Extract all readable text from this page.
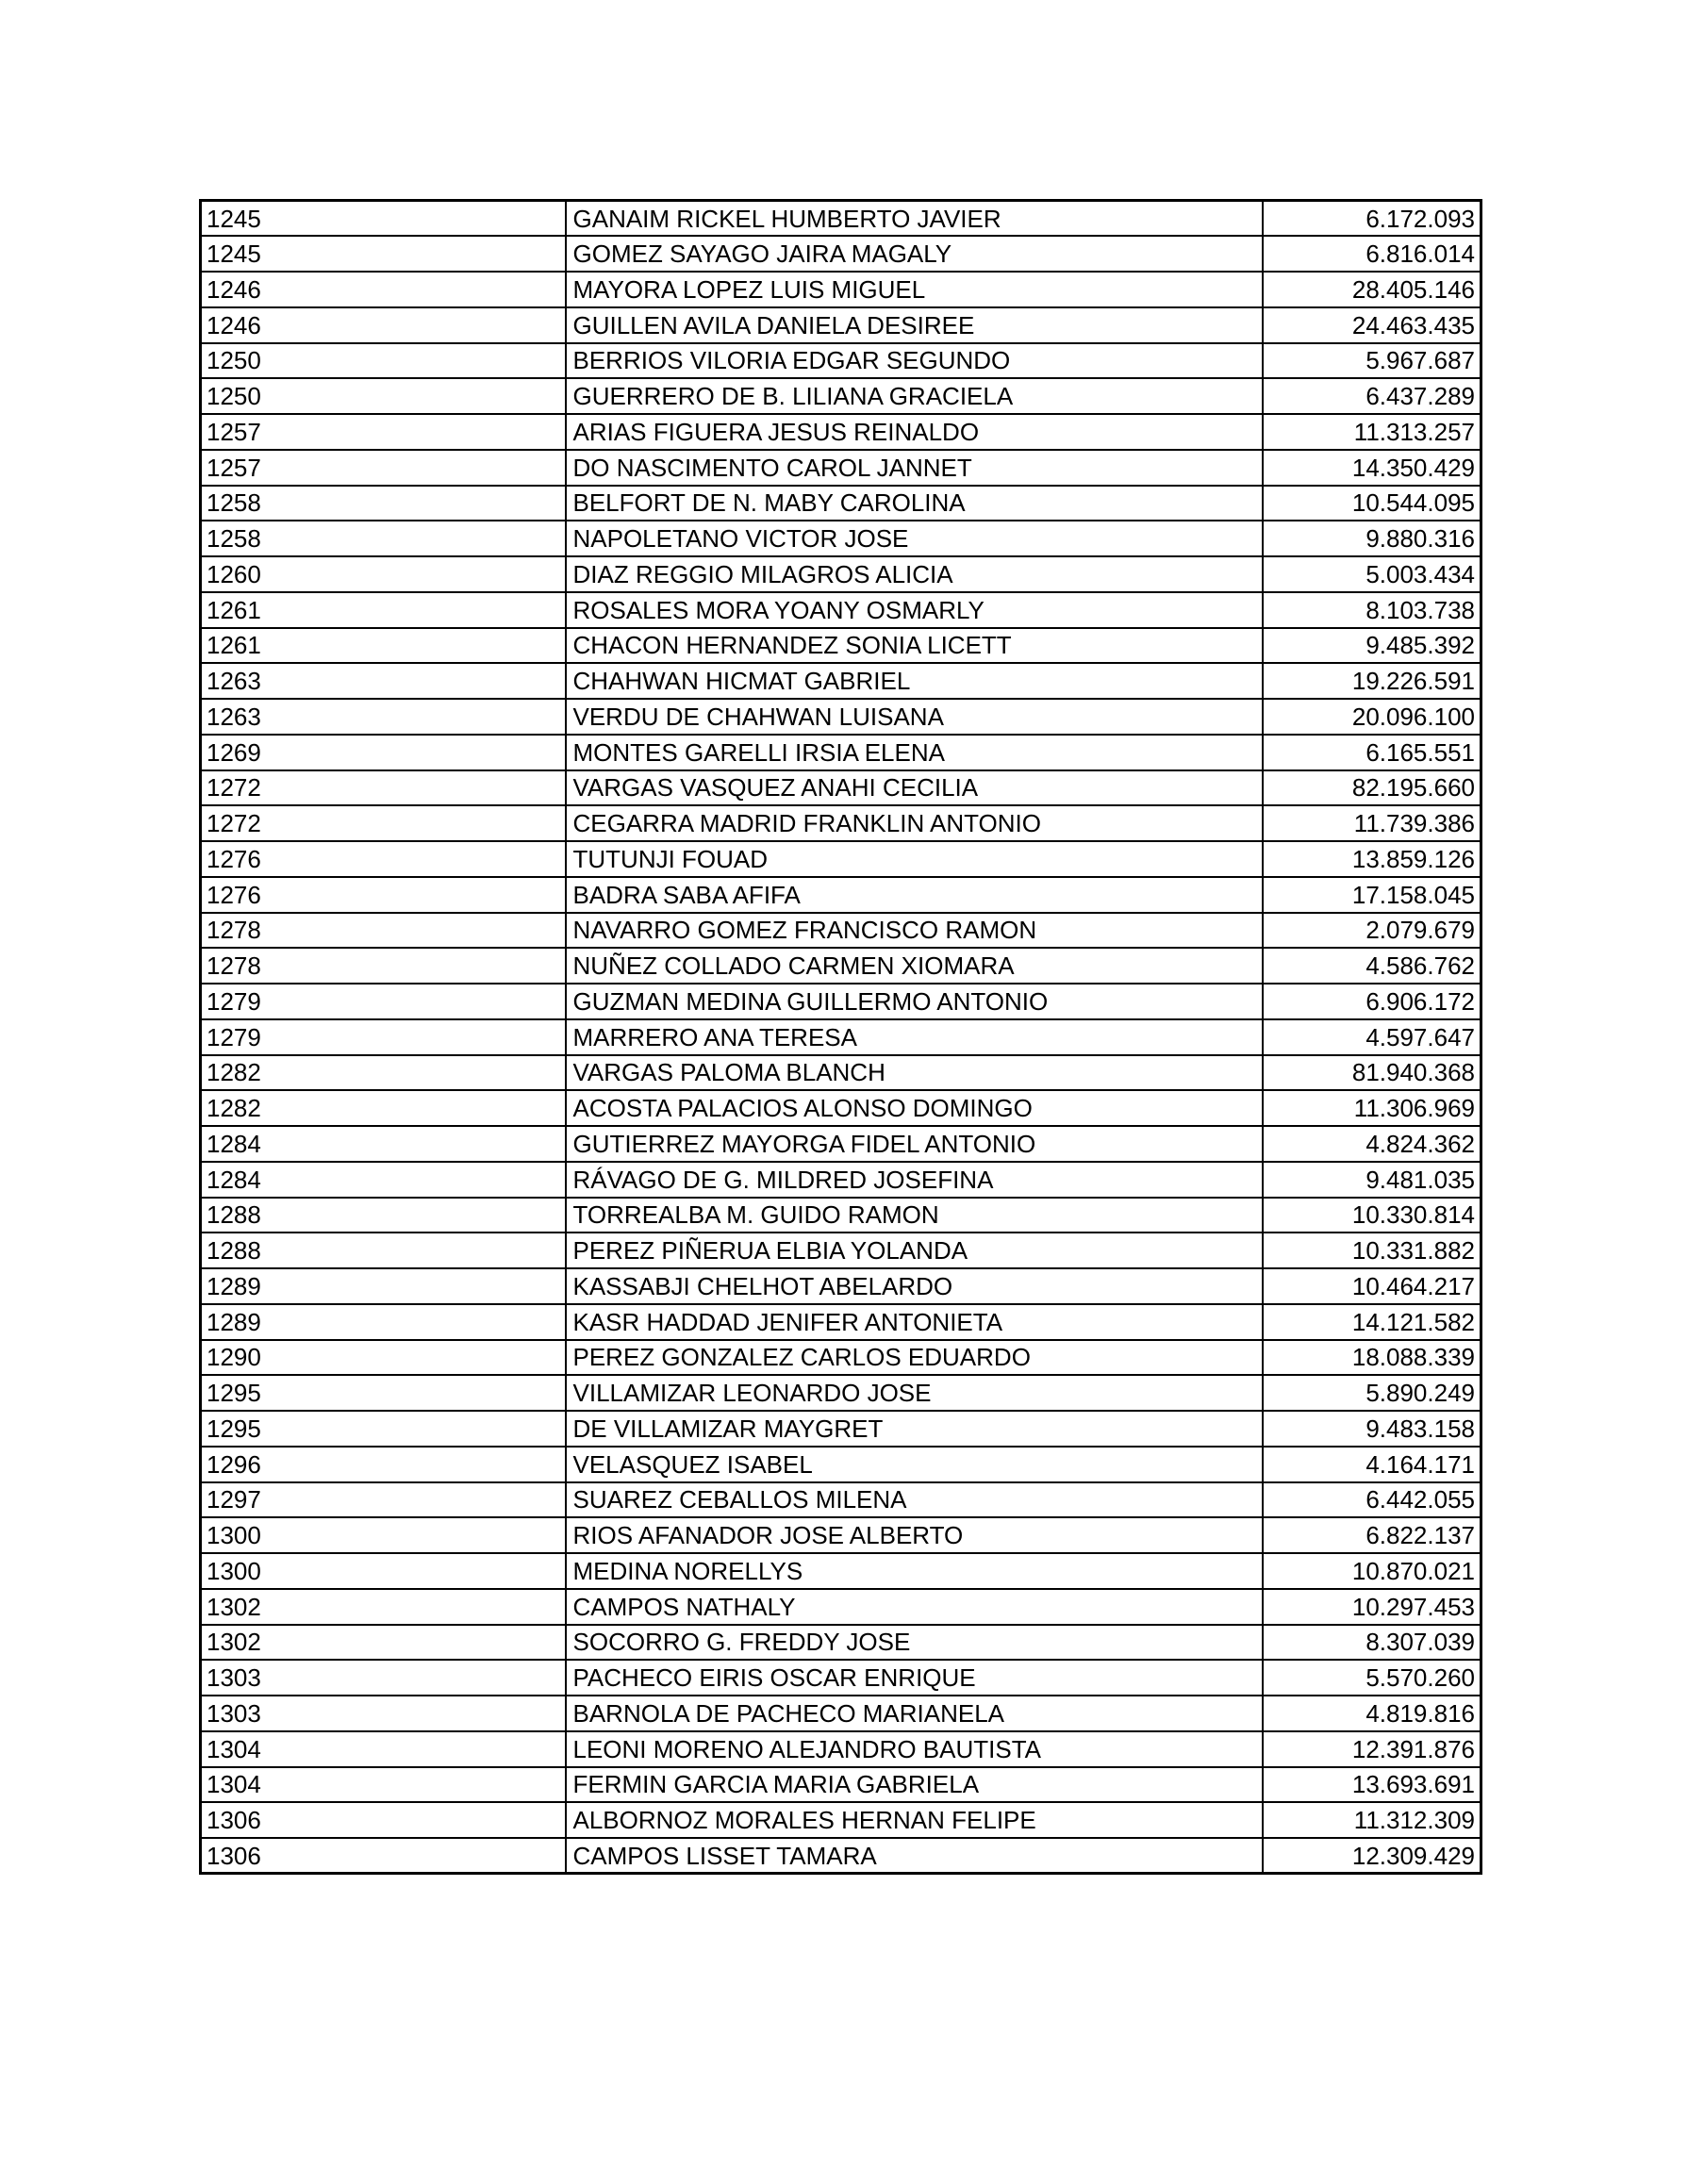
1245	GANAIM RICKEL HUMBERTO JAVIER	6.172.093
1245	GOMEZ SAYAGO JAIRA MAGALY	6.816.014
1246	MAYORA LOPEZ LUIS MIGUEL	28.405.146
1246	GUILLEN AVILA DANIELA DESIREE	24.463.435
1250	BERRIOS VILORIA EDGAR SEGUNDO	5.967.687
1250	GUERRERO DE B. LILIANA GRACIELA	6.437.289
1257	ARIAS FIGUERA JESUS REINALDO	11.313.257
1257	DO NASCIMENTO CAROL JANNET	14.350.429
1258	BELFORT DE N. MABY CAROLINA	10.544.095
1258	NAPOLETANO VICTOR JOSE	9.880.316
1260	DIAZ REGGIO MILAGROS ALICIA	5.003.434
1261	ROSALES MORA YOANY OSMARLY	8.103.738
1261	CHACON HERNANDEZ SONIA LICETT	9.485.392
1263	CHAHWAN HICMAT GABRIEL	19.226.591
1263	VERDU DE CHAHWAN LUISANA	20.096.100
1269	MONTES GARELLI IRSIA ELENA	6.165.551
1272	VARGAS VASQUEZ ANAHI CECILIA	82.195.660
1272	CEGARRA MADRID FRANKLIN ANTONIO	11.739.386
1276	TUTUNJI FOUAD	13.859.126
1276	BADRA SABA AFIFA	17.158.045
1278	NAVARRO GOMEZ FRANCISCO RAMON	2.079.679
1278	NUÑEZ COLLADO CARMEN XIOMARA	4.586.762
1279	GUZMAN MEDINA GUILLERMO ANTONIO	6.906.172
1279	MARRERO ANA TERESA	4.597.647
1282	VARGAS PALOMA BLANCH	81.940.368
1282	ACOSTA PALACIOS ALONSO DOMINGO	11.306.969
1284	GUTIERREZ MAYORGA FIDEL ANTONIO	4.824.362
1284	RÁVAGO DE G. MILDRED JOSEFINA	9.481.035
1288	TORREALBA M. GUIDO RAMON	10.330.814
1288	PEREZ PIÑERUA ELBIA YOLANDA	10.331.882
1289	KASSABJI CHELHOT ABELARDO	10.464.217
1289	KASR HADDAD JENIFER ANTONIETA	14.121.582
1290	PEREZ GONZALEZ CARLOS EDUARDO	18.088.339
1295	VILLAMIZAR LEONARDO JOSE	5.890.249
1295	DE VILLAMIZAR MAYGRET	9.483.158
1296	VELASQUEZ ISABEL	4.164.171
1297	SUAREZ CEBALLOS MILENA	6.442.055
1300	RIOS AFANADOR JOSE ALBERTO	6.822.137
1300	MEDINA NORELLYS	10.870.021
1302	CAMPOS NATHALY	10.297.453
1302	SOCORRO G. FREDDY JOSE	8.307.039
1303	PACHECO EIRIS OSCAR ENRIQUE	5.570.260
1303	BARNOLA DE PACHECO MARIANELA	4.819.816
1304	LEONI MORENO ALEJANDRO BAUTISTA	12.391.876
1304	FERMIN GARCIA MARIA GABRIELA	13.693.691
1306	ALBORNOZ MORALES HERNAN FELIPE	11.312.309
1306	CAMPOS LISSET TAMARA	12.309.429
